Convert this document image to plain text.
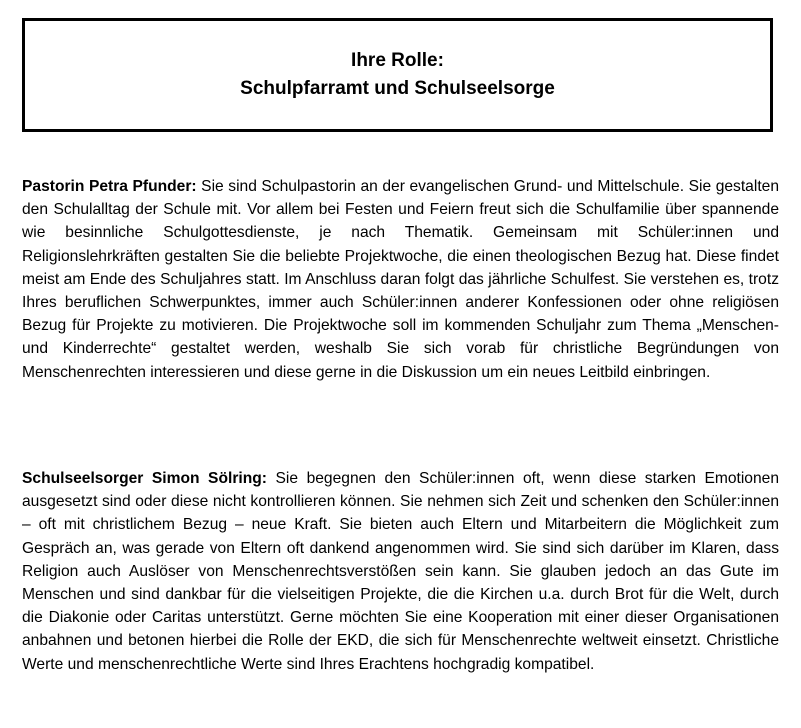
Ihre Rolle:
Schulpfarramt und Schulseelsorge

Pastorin Petra Pfunder: Sie sind Schulpastorin an der evangelischen Grund- und Mittelschule. Sie gestalten den Schulalltag der Schule mit. Vor allem bei Festen und Feiern freut sich die Schulfamilie über spannende wie besinnliche Schulgottesdienste, je nach Thematik. Gemeinsam mit Schüler:innen und Religionslehrkräften gestalten Sie die beliebte Projektwoche, die einen theologischen Bezug hat. Diese findet meist am Ende des Schuljahres statt. Im Anschluss daran folgt das jährliche Schulfest. Sie verstehen es, trotz Ihres beruflichen Schwerpunktes, immer auch Schüler:innen anderer Konfessionen oder ohne religiösen Bezug für Projekte zu motivieren. Die Projektwoche soll im kommenden Schuljahr zum Thema „Menschen- und Kinderrechte“ gestaltet werden, weshalb Sie sich vorab für christliche Begründungen von Menschenrechten interessieren und diese gerne in die Diskussion um ein neues Leitbild einbringen.

Schulseelsorger Simon Sölring: Sie begegnen den Schüler:innen oft, wenn diese starken Emotionen ausgesetzt sind oder diese nicht kontrollieren können. Sie nehmen sich Zeit und schenken den Schüler:innen – oft mit christlichem Bezug – neue Kraft. Sie bieten auch Eltern und Mitarbeitern die Möglichkeit zum Gespräch an, was gerade von Eltern oft dankend angenommen wird. Sie sind sich darüber im Klaren, dass Religion auch Auslöser von Menschenrechtsverstößen sein kann. Sie glauben jedoch an das Gute im Menschen und sind dankbar für die vielseitigen Projekte, die die Kirchen u.a. durch Brot für die Welt, durch die Diakonie oder Caritas unterstützt. Gerne möchten Sie eine Kooperation mit einer dieser Organisationen anbahnen und betonen hierbei die Rolle der EKD, die sich für Menschenrechte weltweit einsetzt. Christliche Werte und menschenrechtliche Werte sind Ihres Erachtens hochgradig kompatibel.
